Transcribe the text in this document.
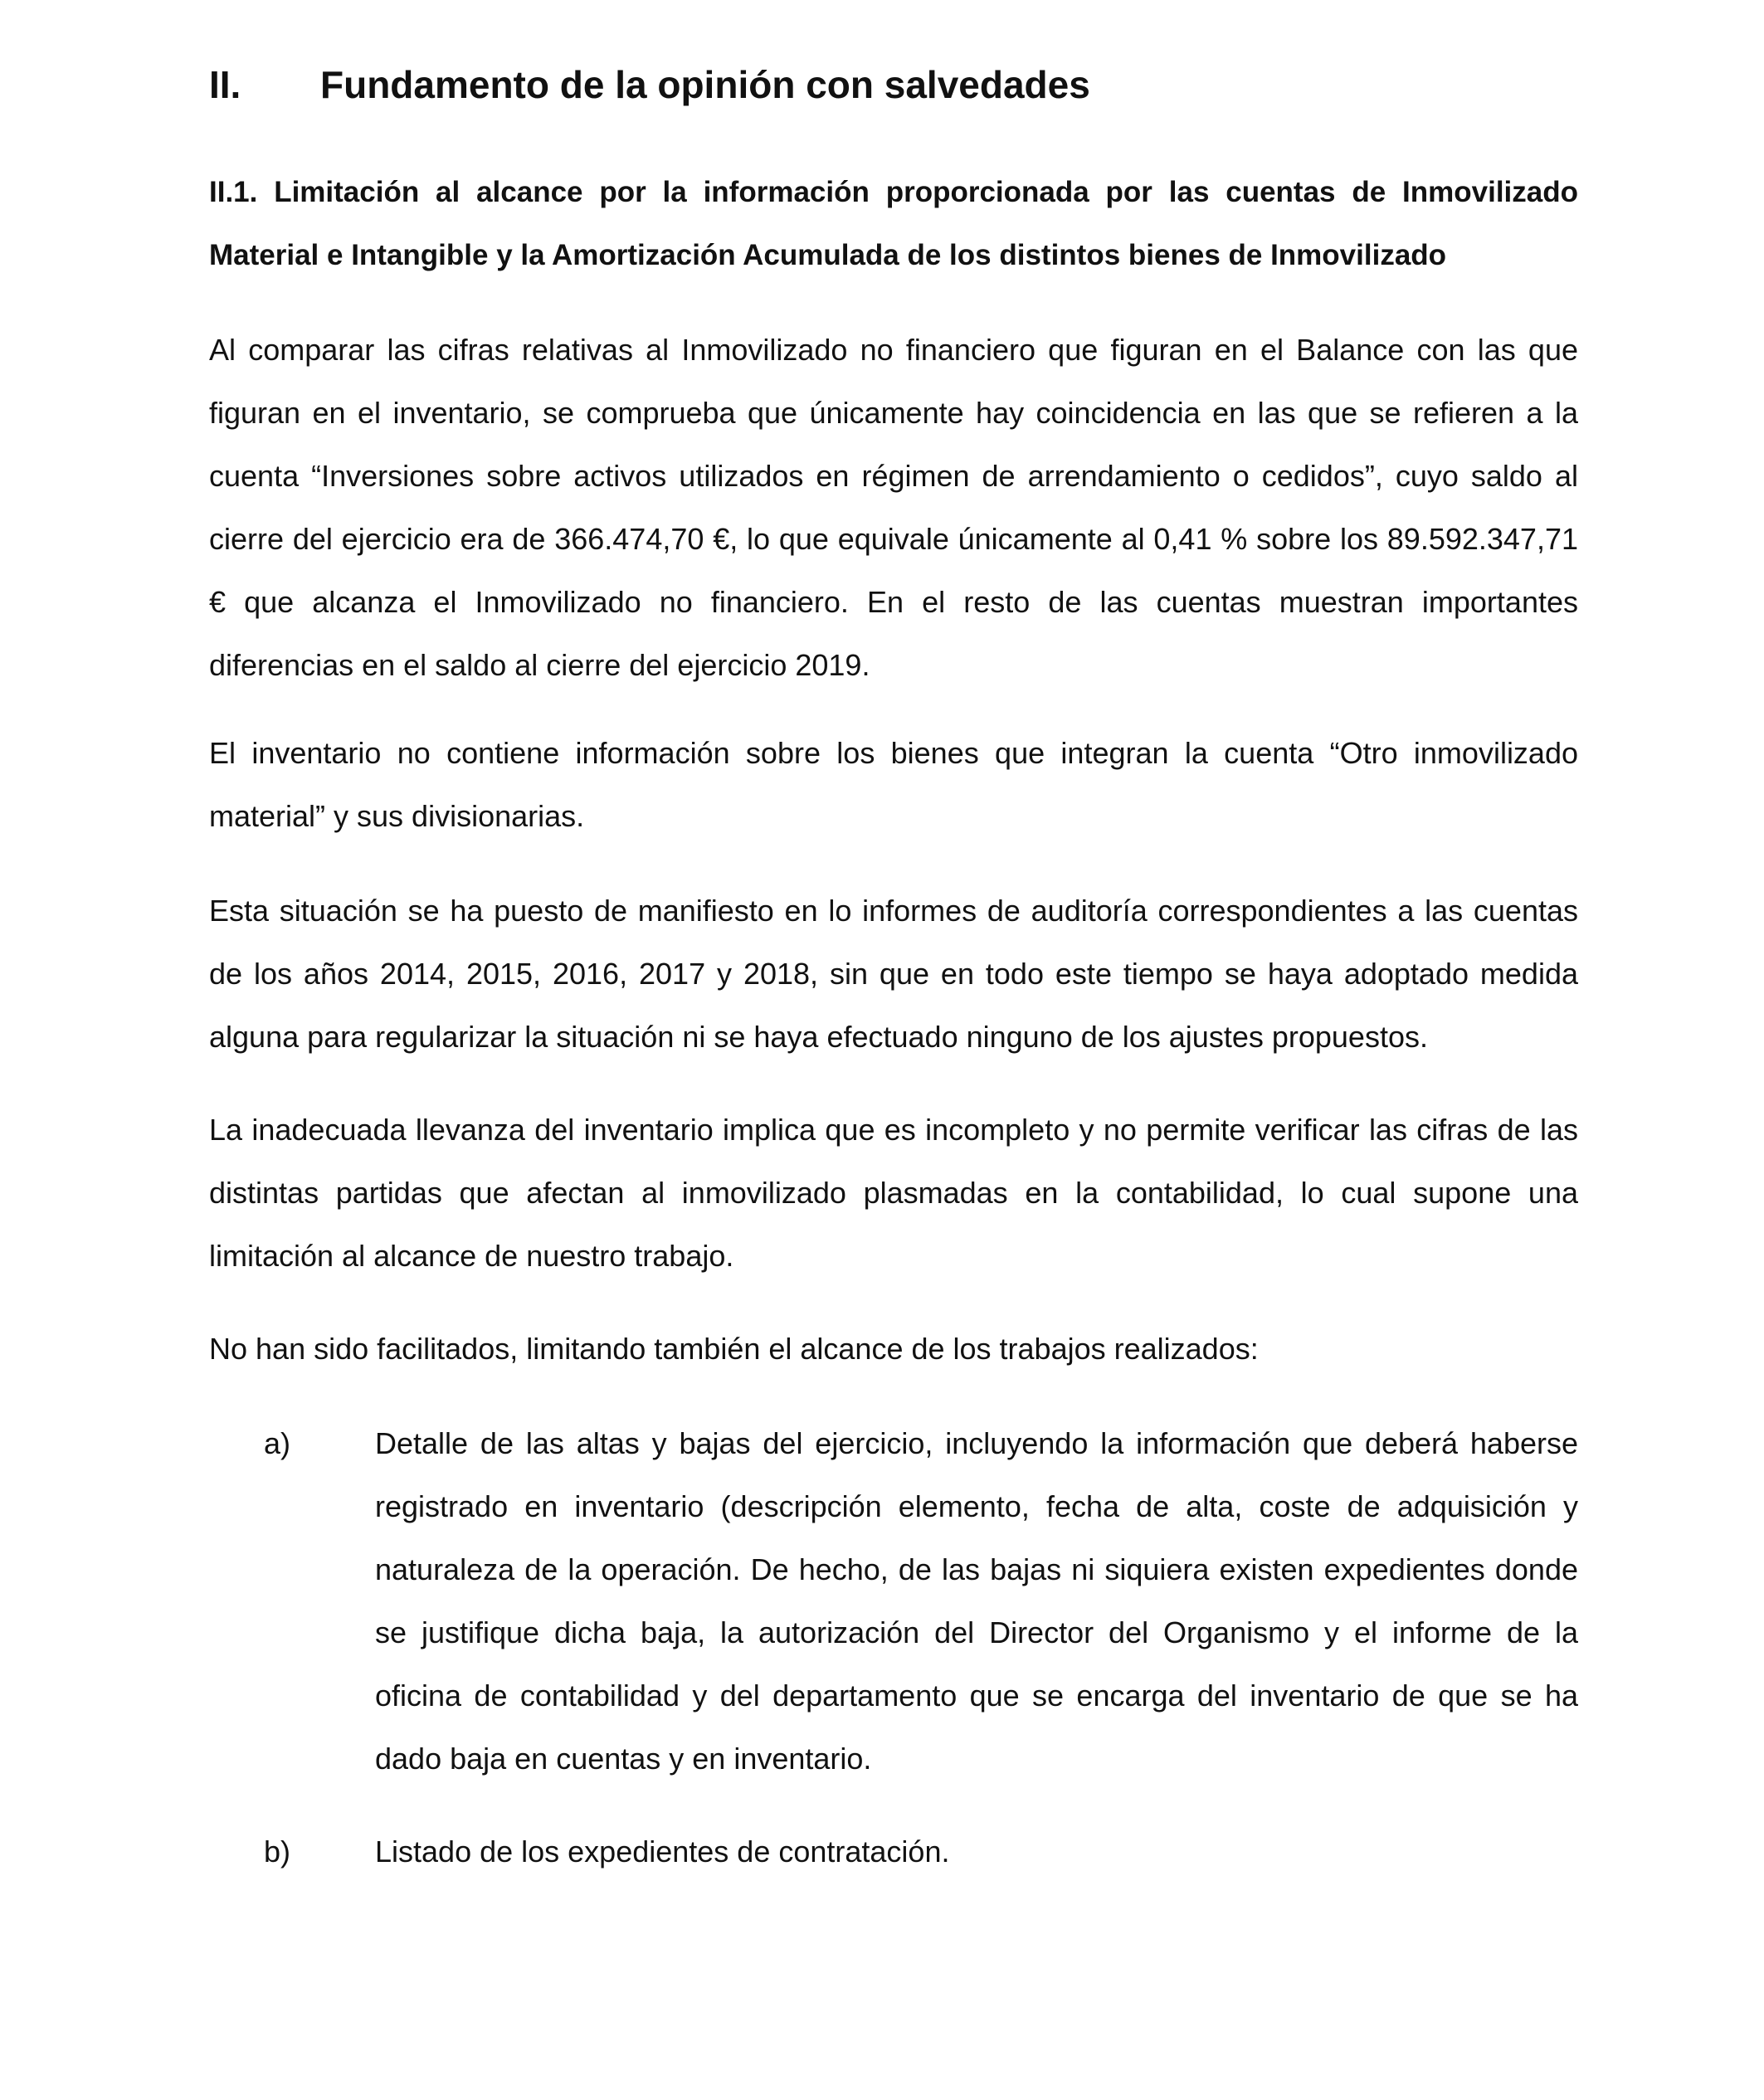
II. Fundamento de la opinión con salvedades
II.1. Limitación al alcance por la información proporcionada por las cuentas de Inmovilizado Material e Intangible y la Amortización Acumulada de los distintos bienes de Inmovilizado

Al comparar las cifras relativas al Inmovilizado no financiero que figuran en el Balance con las que figuran en el inventario, se comprueba que únicamente hay coincidencia en las que se refieren a la cuenta “Inversiones sobre activos utilizados en régimen de arrendamiento o cedidos”, cuyo saldo al cierre del ejercicio era de 366.474,70 €, lo que equivale únicamente al 0,41 % sobre los 89.592.347,71 € que alcanza el Inmovilizado no financiero. En el resto de las cuentas muestran importantes diferencias en el saldo al cierre del ejercicio 2019.

El inventario no contiene información sobre los bienes que integran la cuenta “Otro inmovilizado material” y sus divisionarias.

Esta situación se ha puesto de manifiesto en lo informes de auditoría correspondientes a las cuentas de los años 2014, 2015, 2016, 2017 y 2018, sin que en todo este tiempo se haya adoptado medida alguna para regularizar la situación ni se haya efectuado ninguno de los ajustes propuestos.

La inadecuada llevanza del inventario implica que es incompleto y no permite verificar las cifras de las distintas partidas que afectan al inmovilizado plasmadas en la contabilidad, lo cual supone una limitación al alcance de nuestro trabajo.

No han sido facilitados, limitando también el alcance de los trabajos realizados:

a)	Detalle de las altas y bajas del ejercicio, incluyendo la información que deberá haberse registrado en inventario (descripción elemento, fecha de alta, coste de adquisición y naturaleza de la operación. De hecho, de las bajas ni siquiera existen expedientes donde se justifique dicha baja, la autorización del Director del Organismo y el informe de la oficina de contabilidad y del departamento que se encarga del inventario de que se ha dado baja en cuentas y en inventario.
b)	Listado de los expedientes de contratación.
